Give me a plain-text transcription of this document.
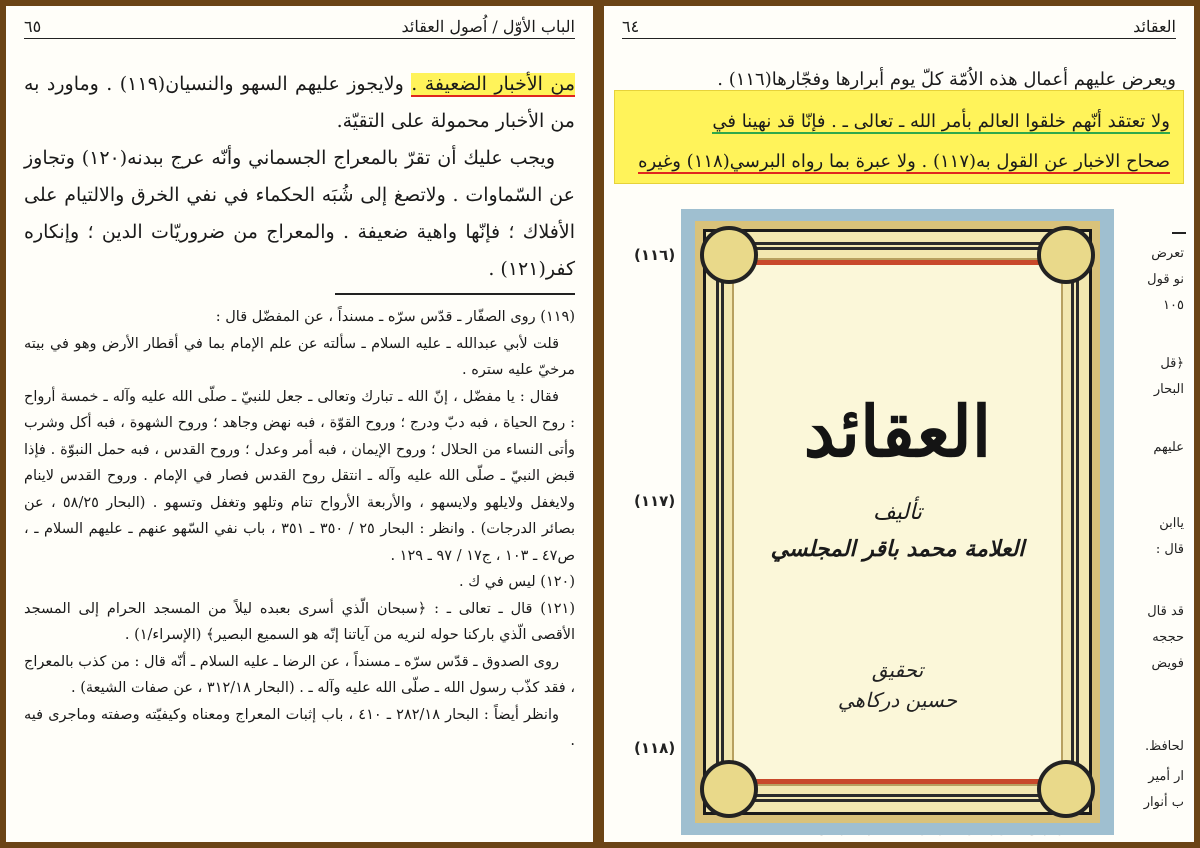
الباب الأوّل / اُصول العقائد
٦٥

من الأخبار الضعيفة . ولايجوز عليهم السهو والنسيان(١١٩) . وماورد به من الأخبار محمولة على التقيّة.

ويجب عليك أن تقرّ بالمعراج الجسماني وأنّه عرج ببدنه(١٢٠) وتجاوز عن السّماوات . ولاتصغ إلى شُبَه الحكماء في نفي الخرق والالتيام على الأفلاك ؛ فإنّها واهية ضعيفة . والمعراج من ضروريّات الدين ؛ وإنكاره كفر(١٢١) .

(١١٩) روى الصفّار ـ قدّس سرّه ـ مسنداً ، عن المفضّل قال :

قلت لأبي عبدالله ـ عليه السلام ـ سألته عن علم الإمام بما في أقطار الأرض وهو في بيته مرخيّ عليه ستره .

فقال : يا مفضّل ، إنّ الله ـ تبارك وتعالى ـ جعل للنبيّ ـ صلّى الله عليه وآله ـ خمسة أرواح : روح الحياة ، فبه دبّ ودرج ؛ وروح القوّة ، فبه نهض وجاهد ؛ وروح الشهوة ، فبه أكل وشرب وأتى النساء من الحلال ؛ وروح الإيمان ، فبه أمر وعدل ؛ وروح القدس ، فبه حمل النبوّة . فإذا قبض النبيّ ـ صلّى الله عليه وآله ـ انتقل روح القدس فصار في الإمام . وروح القدس لاينام ولايغفل ولايلهو ولايسهو ، والأربعة الأرواح تنام وتلهو وتغفل وتسهو . (البحار ٥٨/٢٥ ، عن بصائر الدرجات) . وانظر : البحار ٢٥ / ٣٥٠ ـ ٣٥١ ، باب نفي السّهو عنهم ـ عليهم السلام ـ ، ص٤٧ ـ ١٠٣ ، ج١٧ / ٩٧ ـ ١٢٩ .

(١٢٠) ليس في ك .

(١٢١) قال ـ تعالى ـ : ﴿سبحان الّذي أسرى بعبده ليلاً من المسجد الحرام إلى المسجد الأقصى الّذي باركنا حوله لنريه من آياتنا إنّه هو السميع البصير﴾ (الإسراء/١) .

روى الصدوق ـ قدّس سرّه ـ مسنداً ، عن الرضا ـ عليه السلام ـ أنّه قال : من كذب بالمعراج ، فقد كذّب رسول الله ـ صلّى الله عليه وآله ـ . (البحار ٣١٢/١٨ ، عن صفات الشيعة) .

وانظر أيضاً : البحار ٢٨٢/١٨ ـ ٤١٠ ، باب إثبات المعراج ومعناه وكيفيّته وصفته وماجرى فيه .

العقائد
٦٤
ويعرض عليهم أعمال هذه الاُمّة كلّ يوم أبرارها وفجّارها(١١٦) .

ولا تعتقد أنّهم خلقوا العالم بأمر الله ـ تعالى ـ . فإنّا قد نهينا في

صحاح الاخبار عن القول به(١١٧) . ولا عبرة بما رواه البرسي(١١٨) وغيره

(١١٦)
(١١٧)
(١١٨)
تعرض
نو قول
١٠٥
﴿قل
البحار
عليهم
ياابن
قال :
قد قال
حججه
فويض
لحافظ.
ار أمير
ب أنوار
العقائد
تأليف
العلامة محمد باقر المجلسي
تحقيق
حسين دركاهي
